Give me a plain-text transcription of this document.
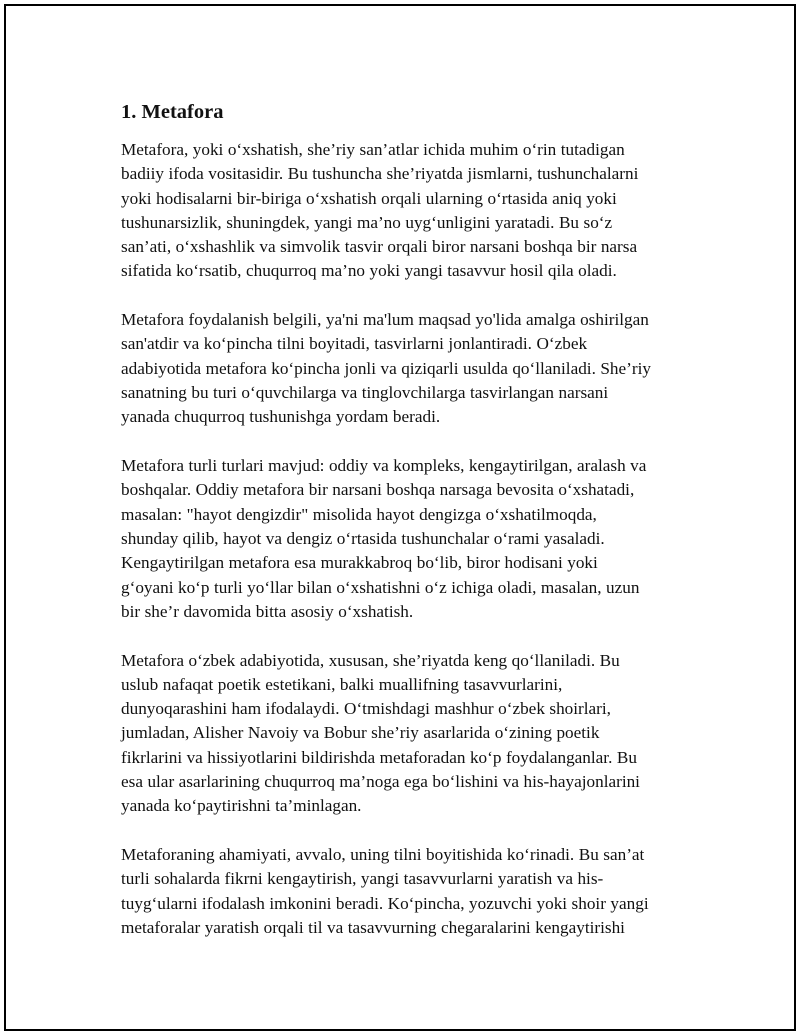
1. Metafora

Metafora, yoki o‘xshatish, she’riy san’atlar ichida muhim o‘rin tutadigan
badiiy ifoda vositasidir. Bu tushuncha she’riyatda jismlarni, tushunchalarni
yoki hodisalarni bir-biriga o‘xshatish orqali ularning o‘rtasida aniq yoki
tushunarsizlik, shuningdek, yangi ma’no uyg‘unligini yaratadi. Bu so‘z
san’ati, o‘xshashlik va simvolik tasvir orqali biror narsani boshqa bir narsa
sifatida ko‘rsatib, chuqurroq ma’no yoki yangi tasavvur hosil qila oladi.

Metafora foydalanish belgili, ya'ni ma'lum maqsad yo'lida amalga oshirilgan
san'atdir va ko‘pincha tilni boyitadi, tasvirlarni jonlantiradi. O‘zbek
adabiyotida metafora ko‘pincha jonli va qiziqarli usulda qo‘llaniladi. She’riy
sanatning bu turi o‘quvchilarga va tinglovchilarga tasvirlangan narsani
yanada chuqurroq tushunishga yordam beradi.

Metafora turli turlari mavjud: oddiy va kompleks, kengaytirilgan, aralash va
boshqalar. Oddiy metafora bir narsani boshqa narsaga bevosita o‘xshatadi,
masalan: "hayot dengizdir" misolida hayot dengizga o‘xshatilmoqda,
shunday qilib, hayot va dengiz o‘rtasida tushunchalar o‘rami yasaladi.
Kengaytirilgan metafora esa murakkabroq bo‘lib, biror hodisani yoki
g‘oyani ko‘p turli yo‘llar bilan o‘xshatishni o‘z ichiga oladi, masalan, uzun
bir she’r davomida bitta asosiy o‘xshatish.

Metafora o‘zbek adabiyotida, xususan, she’riyatda keng qo‘llaniladi. Bu
uslub nafaqat poetik estetikani, balki muallifning tasavvurlarini,
dunyoqarashini ham ifodalaydi. O‘tmishdagi mashhur o‘zbek shoirlari,
jumladan, Alisher Navoiy va Bobur she’riy asarlarida o‘zining poetik
fikrlarini va hissiyotlarini bildirishda metaforadan ko‘p foydalanganlar. Bu
esa ular asarlarining chuqurroq ma’noga ega bo‘lishini va his-hayajonlarini
yanada ko‘paytirishni ta’minlagan.

Metaforaning ahamiyati, avvalo, uning tilni boyitishida ko‘rinadi. Bu san’at
turli sohalarda fikrni kengaytirish, yangi tasavvurlarni yaratish va his-
tuyg‘ularni ifodalash imkonini beradi. Ko‘pincha, yozuvchi yoki shoir yangi
metaforalar yaratish orqali til va tasavvurning chegaralarini kengaytirishi
